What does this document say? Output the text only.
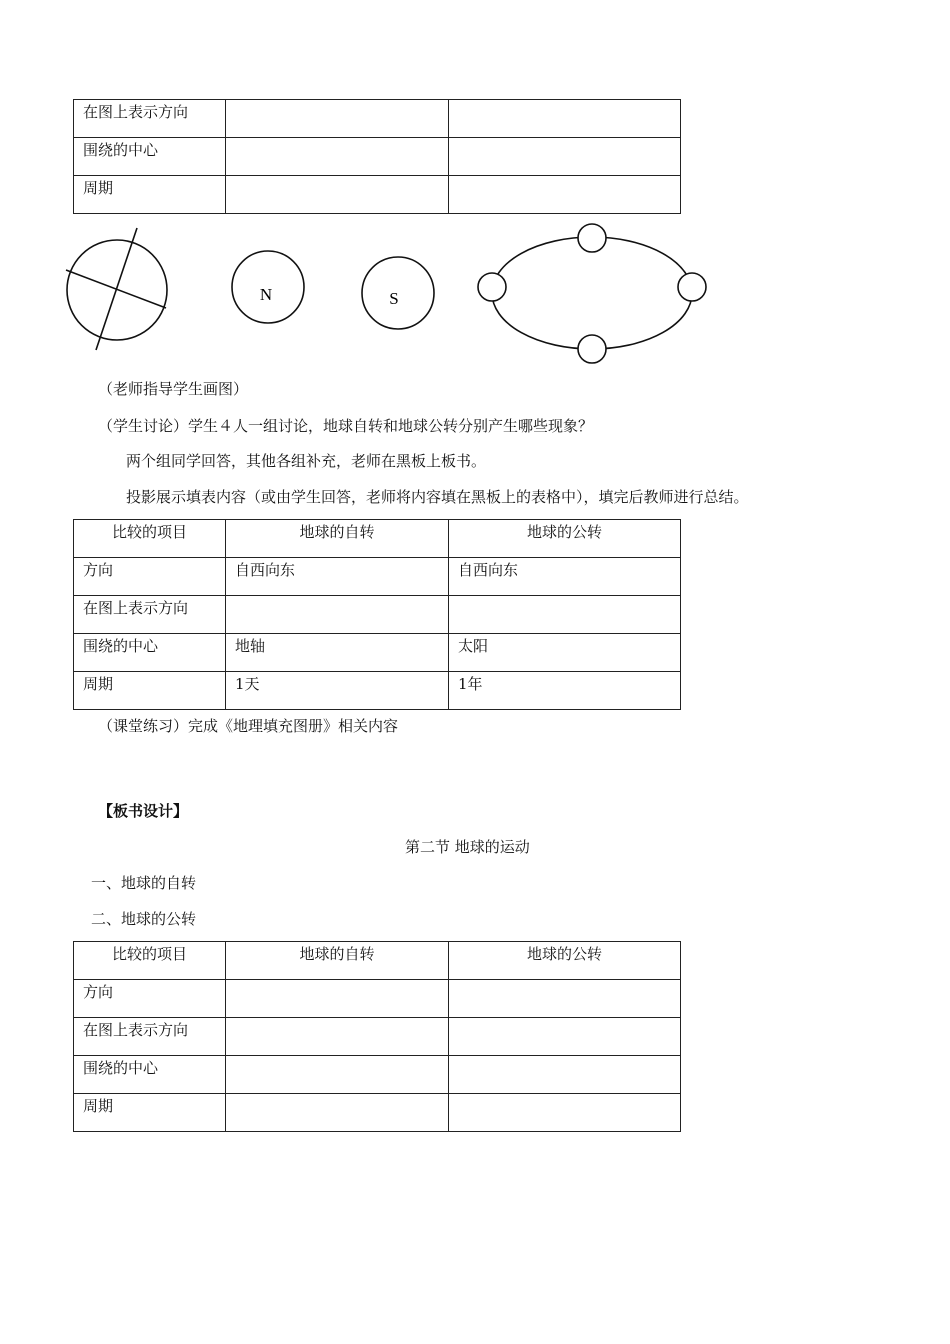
在图上表示方向		
围绕的中心		
周期		
N	S
（老师指导学生画图）
（学生讨论）学生４人一组讨论，地球自转和地球公转分别产生哪些现象？
两个组同学回答，其他各组补充，老师在黑板上板书。
投影展示填表内容（或由学生回答，老师将内容填在黑板上的表格中），填完后教师进行总结。
比较的项目	地球的自转	地球的公转
方向	自西向东	自西向东
在图上表示方向		
围绕的中心	地轴	太阳
周期	1天	1年
（课堂练习）完成《地理填充图册》相关内容
【板书设计】
第二节 地球的运动
一、地球的自转
二、地球的公转
比较的项目	地球的自转	地球的公转
方向		
在图上表示方向		
围绕的中心		
周期		
